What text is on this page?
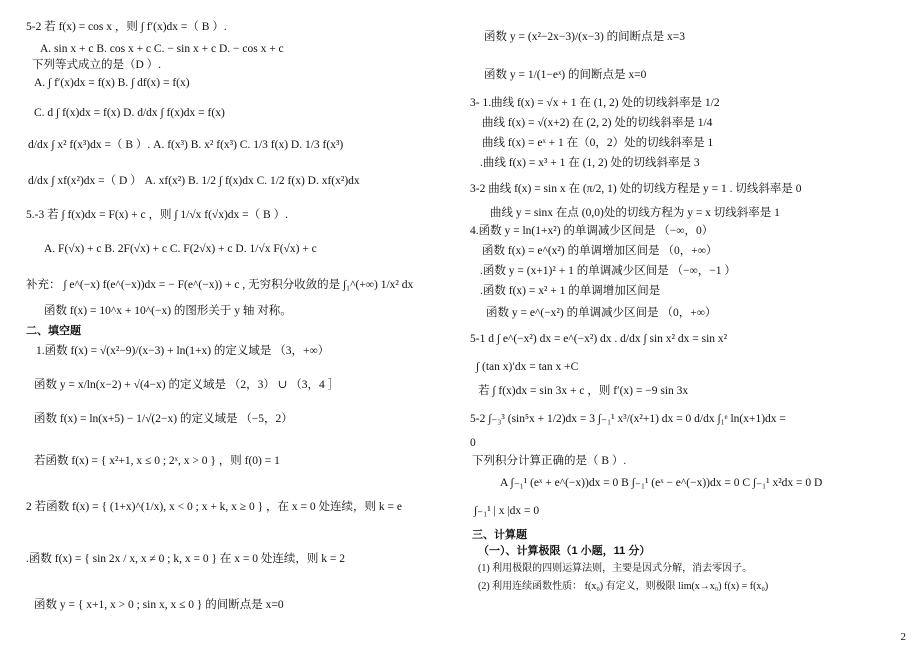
5-2 若 f(x) = cos x ，则 ∫ f′(x)dx =（ B ）.
A. sin x + c B. cos x + c C. − sin x + c D. − cos x + c
下列等式成立的是（D ）.
A. ∫ f′(x)dx = f(x) B. ∫ df(x) = f(x)
C. d ∫ f(x)dx = f(x) D. d/dx ∫ f(x)dx = f(x)
d/dx ∫ x² f(x³)dx =（ B ）. A. f(x³) B. x² f(x³) C. 1/3 f(x) D. 1/3 f(x³)
d/dx ∫ xf(x²)dx =（ D ） A. xf(x²) B. 1/2 ∫ f(x)dx C. 1/2 f(x) D. xf(x²)dx
5.-3 若 ∫ f(x)dx = F(x) + c ，则 ∫ 1/√x f(√x)dx =（ B ）.
A. F(√x) + c B. 2F(√x) + c C. F(2√x) + c D. 1/√x F(√x) + c
补充： ∫ e^(−x) f(e^(−x))dx = − F(e^(−x)) + c , 无穷积分收敛的是 ∫₁^(+∞) 1/x² dx
函数 f(x) = 10^x + 10^(−x) 的图形关于 y 轴 对称。
二、填空题
1.函数 f(x) = √(x²−9)/(x−3) + ln(1+x) 的定义域是 （3，+∞）
函数 y = x/ln(x−2) + √(4−x) 的定义域是 （2，3） ∪ （3，4 ］
函数 f(x) = ln(x+5) − 1/√(2−x) 的定义域是 （−5，2）
若函数 f(x) = { x²+1, x ≤ 0 ; 2ˣ, x > 0 } ，则 f(0) = 1
2 若函数 f(x) = { (1+x)^(1/x), x < 0 ; x + k, x ≥ 0 } ，在 x = 0 处连续，则 k = e
.函数 f(x) = { sin 2x / x, x ≠ 0 ; k, x = 0 } 在 x = 0 处连续，则 k = 2
函数 y = { x+1, x > 0 ; sin x, x ≤ 0 } 的间断点是 x=0
函数 y = (x²−2x−3)/(x−3) 的间断点是 x=3
函数 y = 1/(1−eˣ) 的间断点是 x=0
3- 1.曲线 f(x) = √x + 1 在 (1, 2) 处的切线斜率是 1/2
曲线 f(x) = √(x+2) 在 (2, 2) 处的切线斜率是 1/4
曲线 f(x) = eˣ + 1 在（0，2）处的切线斜率是 1
.曲线 f(x) = x³ + 1 在 (1, 2) 处的切线斜率是 3
3-2 曲线 f(x) = sin x 在 (π/2, 1) 处的切线方程是 y = 1 . 切线斜率是 0
曲线 y = sinx 在点 (0,0)处的切线方程为 y = x 切线斜率是 1
4.函数 y = ln(1+x²) 的单调减少区间是 （−∞，0）
函数 f(x) = e^(x²) 的单调增加区间是 （0，+∞）
.函数 y = (x+1)² + 1 的单调减少区间是 （−∞，−1 ）
.函数 f(x) = x² + 1 的单调增加区间是
函数 y = e^(−x²) 的单调减少区间是 （0，+∞）
5-1 d ∫ e^(−x²) dx = e^(−x²) dx . d/dx ∫ sin x² dx = sin x²
∫ (tan x)′dx = tan x +C
若 ∫ f(x)dx = sin 3x + c ，则 f′(x) = −9 sin 3x
5-2 ∫₋₃³ (sin⁵x + 1/2)dx = 3 ∫₋₁¹ x³/(x²+1) dx = 0 d/dx ∫₁ᵉ ln(x+1)dx =
0
下列积分计算正确的是（ B ）.
A ∫₋₁¹ (eˣ + e^(−x))dx = 0 B ∫₋₁¹ (eˣ − e^(−x))dx = 0 C ∫₋₁¹ x²dx = 0 D
∫₋₁¹ | x |dx = 0
三、计算题
（一）、计算极限（1 小题，11 分）
(1) 利用极限的四则运算法则，主要是因式分解，消去零因子。
(2) 利用连续函数性质： f(x₀) 有定义，则极限 lim(x→x₀) f(x) = f(x₀)
2
